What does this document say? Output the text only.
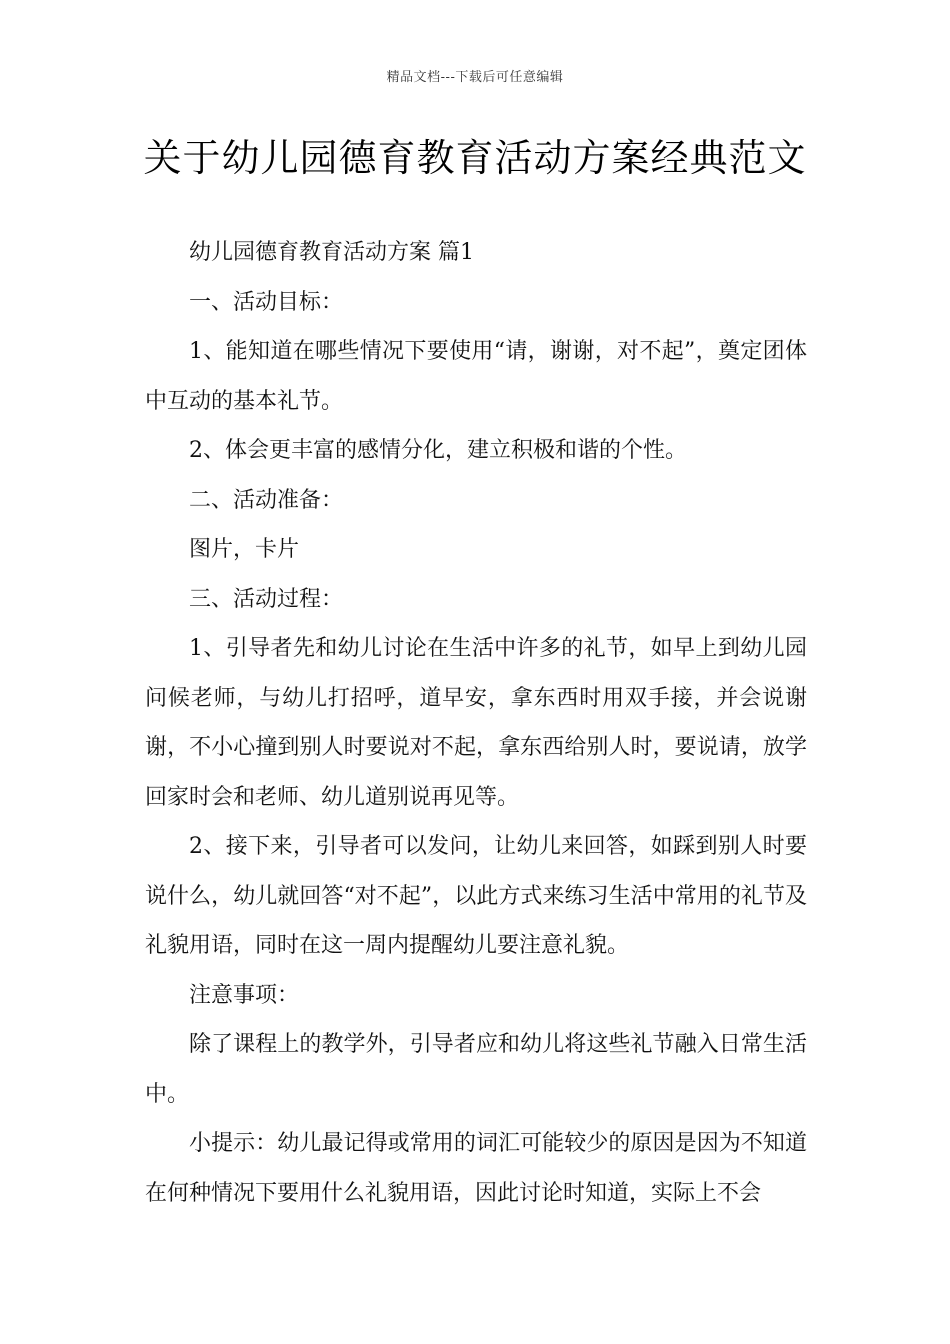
精品文档---下载后可任意编辑
关于幼儿园德育教育活动方案经典范文

幼儿园德育教育活动方案 篇1

一、活动目标：

1、能知道在哪些情况下要使用“请，谢谢，对不起”，奠定团体中互动的基本礼节。

2、体会更丰富的感情分化，建立积极和谐的个性。

二、活动准备：

图片，卡片

三、活动过程：

1、引导者先和幼儿讨论在生活中许多的礼节，如早上到幼儿园问候老师，与幼儿打招呼，道早安，拿东西时用双手接，并会说谢谢，不小心撞到别人时要说对不起，拿东西给别人时，要说请，放学回家时会和老师、幼儿道别说再见等。

2、接下来，引导者可以发问，让幼儿来回答，如踩到别人时要说什么，幼儿就回答“对不起”，以此方式来练习生活中常用的礼节及礼貌用语，同时在这一周内提醒幼儿要注意礼貌。

注意事项：

除了课程上的教学外，引导者应和幼儿将这些礼节融入日常生活中。

小提示：幼儿最记得或常用的词汇可能较少的原因是因为不知道在何种情况下要用什么礼貌用语，因此讨论时知道，实际上不会
